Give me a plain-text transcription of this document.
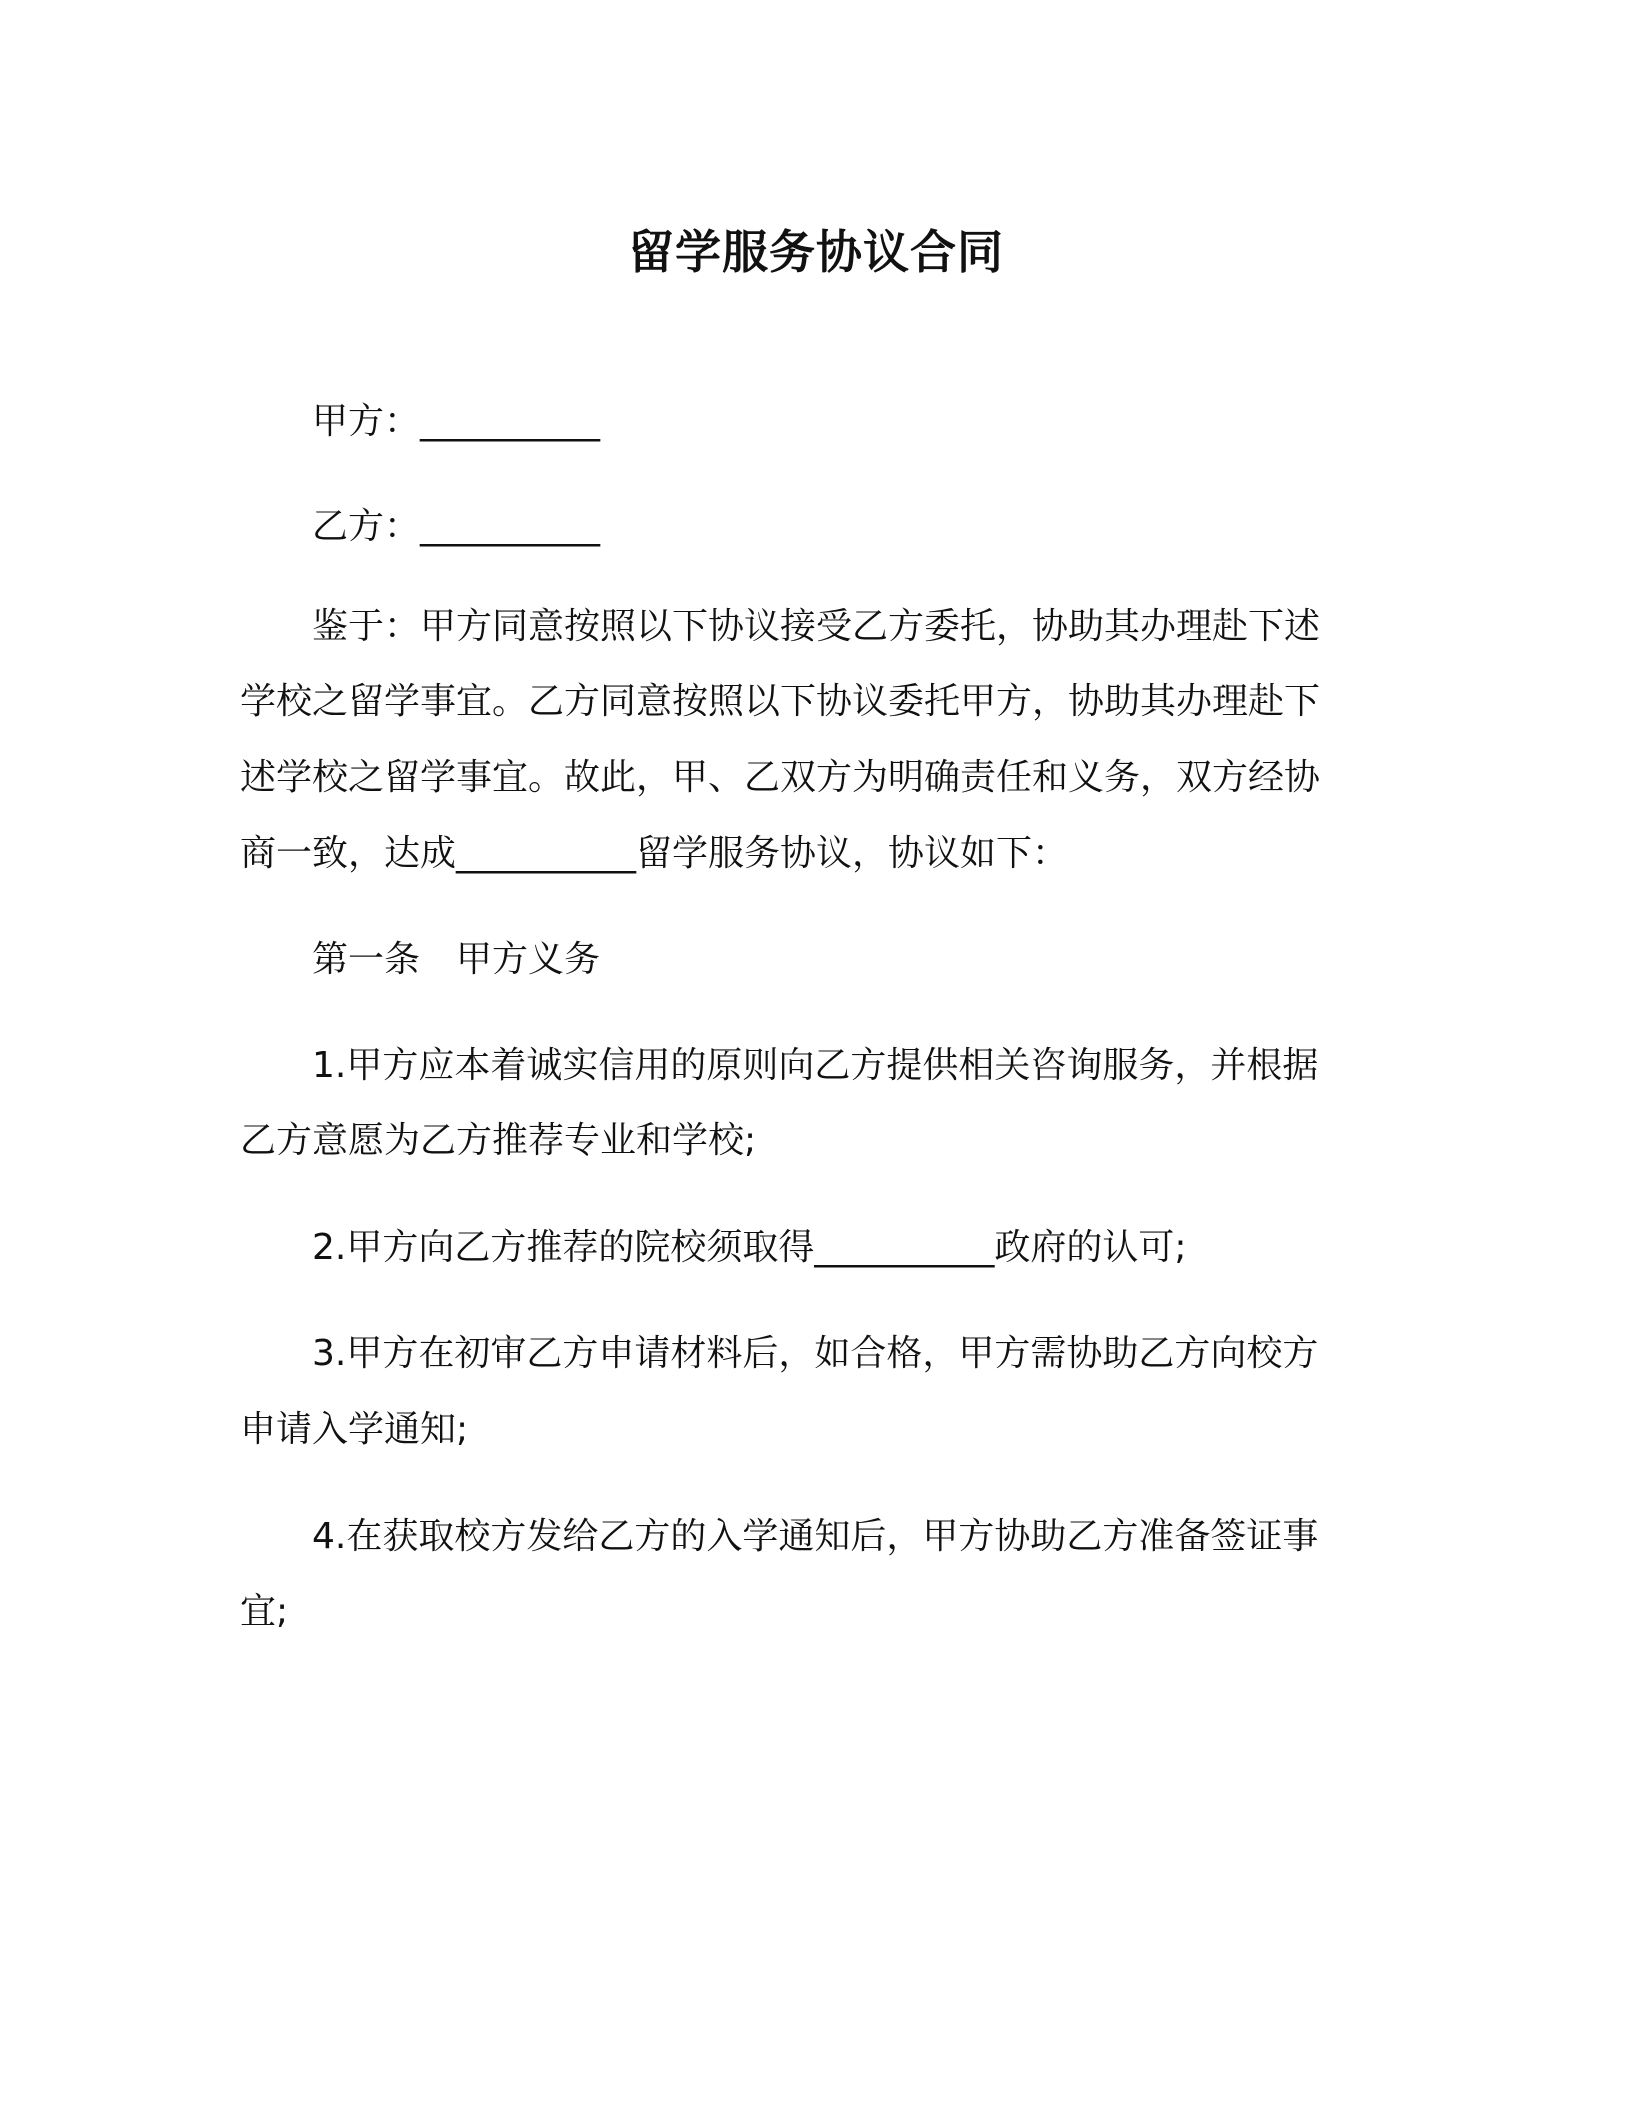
留学服务协议合同
甲方：__________
乙方：__________
鉴于：甲方同意按照以下协议接受乙方委托，协助其办理赴下述
学校之留学事宜。乙方同意按照以下协议委托甲方，协助其办理赴下
述学校之留学事宜。故此，甲、乙双方为明确责任和义务，双方经协
商一致，达成__________留学服务协议，协议如下：
第一条　甲方义务
1.甲方应本着诚实信用的原则向乙方提供相关咨询服务，并根据
乙方意愿为乙方推荐专业和学校;
2.甲方向乙方推荐的院校须取得__________政府的认可;
3.甲方在初审乙方申请材料后，如合格，甲方需协助乙方向校方
申请入学通知;
4.在获取校方发给乙方的入学通知后，甲方协助乙方准备签证事
宜;
